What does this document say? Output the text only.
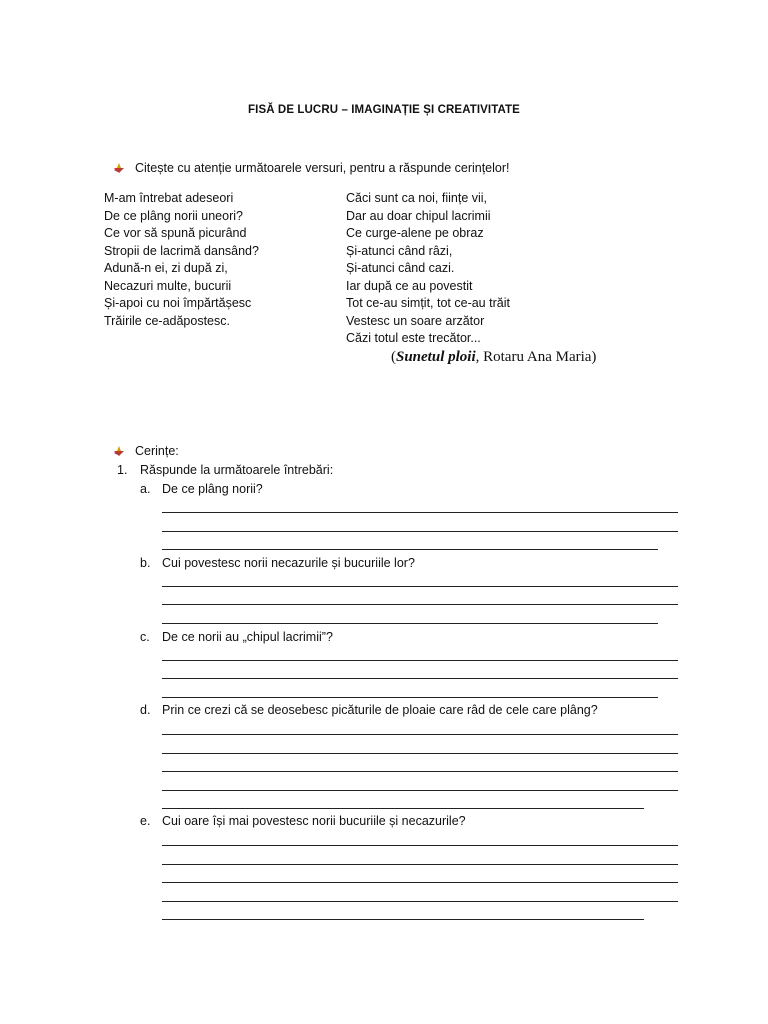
FISĂ DE LUCRU – IMAGINAȚIE ȘI CREATIVITATE
Citește cu atenție următoarele versuri, pentru a răspunde cerințelor!
M-am întrebat adeseori
De ce plâng norii uneori?
Ce vor să spună picurând
Stropii de lacrimă dansând?
Adună-n ei, zi după zi,
Necazuri multe, bucurii
Și-apoi cu noi împărtășesc
Trăirile ce-adăpostesc.
Căci sunt ca noi, ființe vii,
Dar au doar chipul lacrimii
Ce curge-alene pe obraz
Și-atunci când râzi,
Și-atunci când cazi.
Iar după ce au povestit
Tot ce-au simțit, tot ce-au trăit
Vestesc un soare arzător
Căzi totul este trecător...
(Sunetul ploii, Rotaru Ana Maria)
Cerințe:
1. Răspunde la următoarele întrebări:
a. De ce plâng norii?
b. Cui povestesc norii necazurile și bucuriile lor?
c. De ce norii au „chipul lacrimii”?
d. Prin ce crezi că se deosebesc picăturile de ploaie care râd de cele care plâng?
e. Cui oare își mai povestesc norii bucuriile și necazurile?
